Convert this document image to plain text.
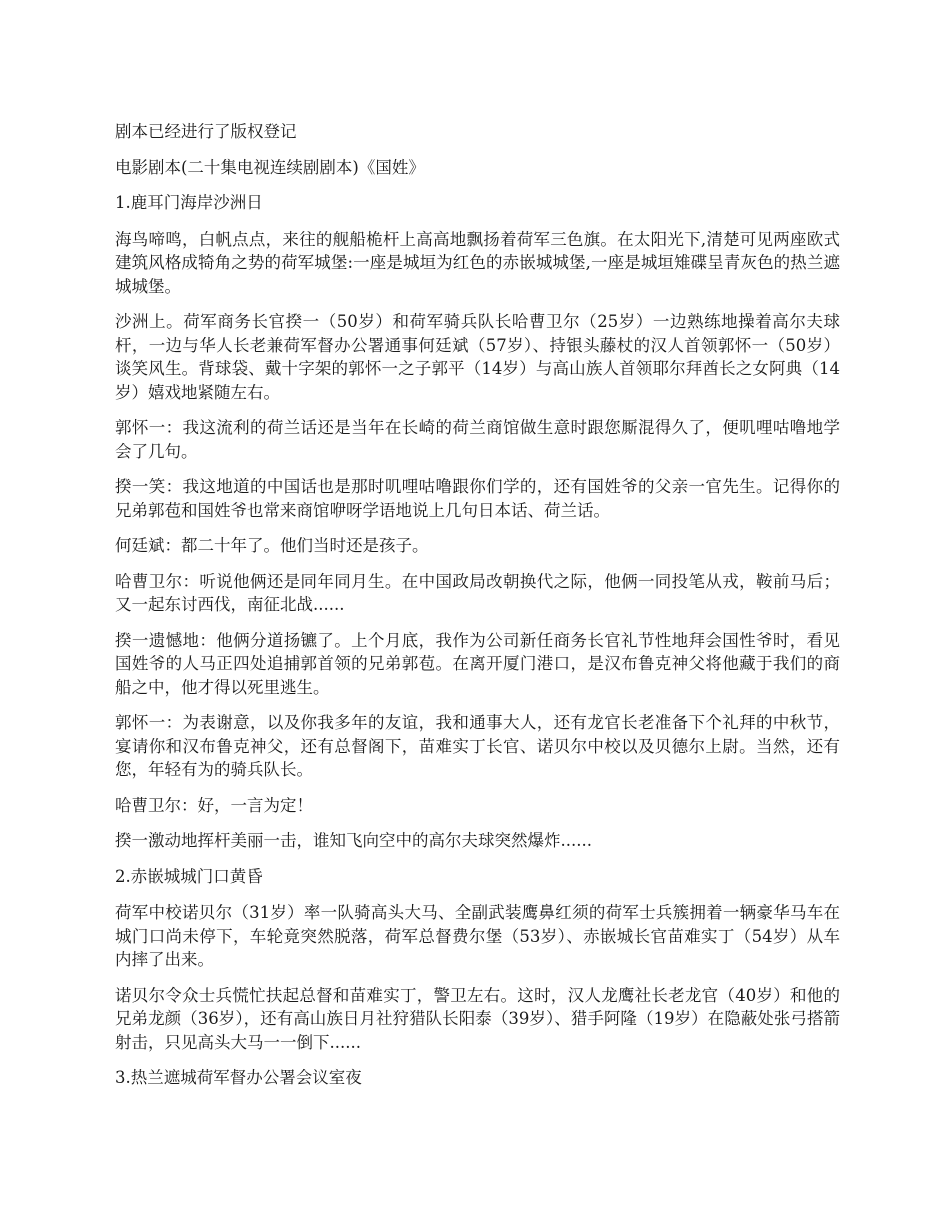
剧本已经进行了版权登记

电影剧本(二十集电视连续剧剧本)《国姓》

1.鹿耳门海岸沙洲日

海鸟啼鸣，白帆点点，来往的舰船桅杆上高高地飘扬着荷军三色旗。在太阳光下,清楚可见两座欧式建筑风格成犄角之势的荷军城堡:一座是城垣为红色的赤嵌城城堡,一座是城垣雉碟呈青灰色的热兰遮城城堡。

沙洲上。荷军商务长官揆一（50岁）和荷军骑兵队长哈曹卫尔（25岁）一边熟练地操着高尔夫球杆，一边与华人长老兼荷军督办公署通事何廷斌（57岁）、持银头藤杖的汉人首领郭怀一（50岁）谈笑风生。背球袋、戴十字架的郭怀一之子郭平（14岁）与高山族人首领耶尔拜酋长之女阿典（14岁）嬉戏地紧随左右。

郭怀一：我这流利的荷兰话还是当年在长崎的荷兰商馆做生意时跟您厮混得久了，便叽哩咕噜地学会了几句。

揆一笑：我这地道的中国话也是那时叽哩咕噜跟你们学的，还有国姓爷的父亲一官先生。记得你的兄弟郭苞和国姓爷也常来商馆咿呀学语地说上几句日本话、荷兰话。

何廷斌：都二十年了。他们当时还是孩子。

哈曹卫尔：听说他俩还是同年同月生。在中国政局改朝换代之际，他俩一同投笔从戎，鞍前马后；又一起东讨西伐，南征北战......

揆一遗憾地：他俩分道扬镳了。上个月底，我作为公司新任商务长官礼节性地拜会国性爷时，看见国姓爷的人马正四处追捕郭首领的兄弟郭苞。在离开厦门港口，是汉布鲁克神父将他藏于我们的商船之中，他才得以死里逃生。

郭怀一：为表谢意，以及你我多年的友谊，我和通事大人，还有龙官长老准备下个礼拜的中秋节，宴请你和汉布鲁克神父，还有总督阁下，苗难实丁长官、诺贝尔中校以及贝德尔上尉。当然，还有您，年轻有为的骑兵队长。

哈曹卫尔：好，一言为定！

揆一激动地挥杆美丽一击，谁知飞向空中的高尔夫球突然爆炸......

2.赤嵌城城门口黄昏

荷军中校诺贝尔（31岁）率一队骑高头大马、全副武装鹰鼻红须的荷军士兵簇拥着一辆豪华马车在城门口尚未停下，车轮竟突然脱落，荷军总督费尔堡（53岁）、赤嵌城长官苗难实丁（54岁）从车内摔了出来。

诺贝尔令众士兵慌忙扶起总督和苗难实丁，警卫左右。这时，汉人龙鹰社长老龙官（40岁）和他的兄弟龙颜（36岁），还有高山族日月社狩猎队长阳泰（39岁）、猎手阿隆（19岁）在隐蔽处张弓搭箭射击，只见高头大马一一倒下......

3.热兰遮城荷军督办公署会议室夜
